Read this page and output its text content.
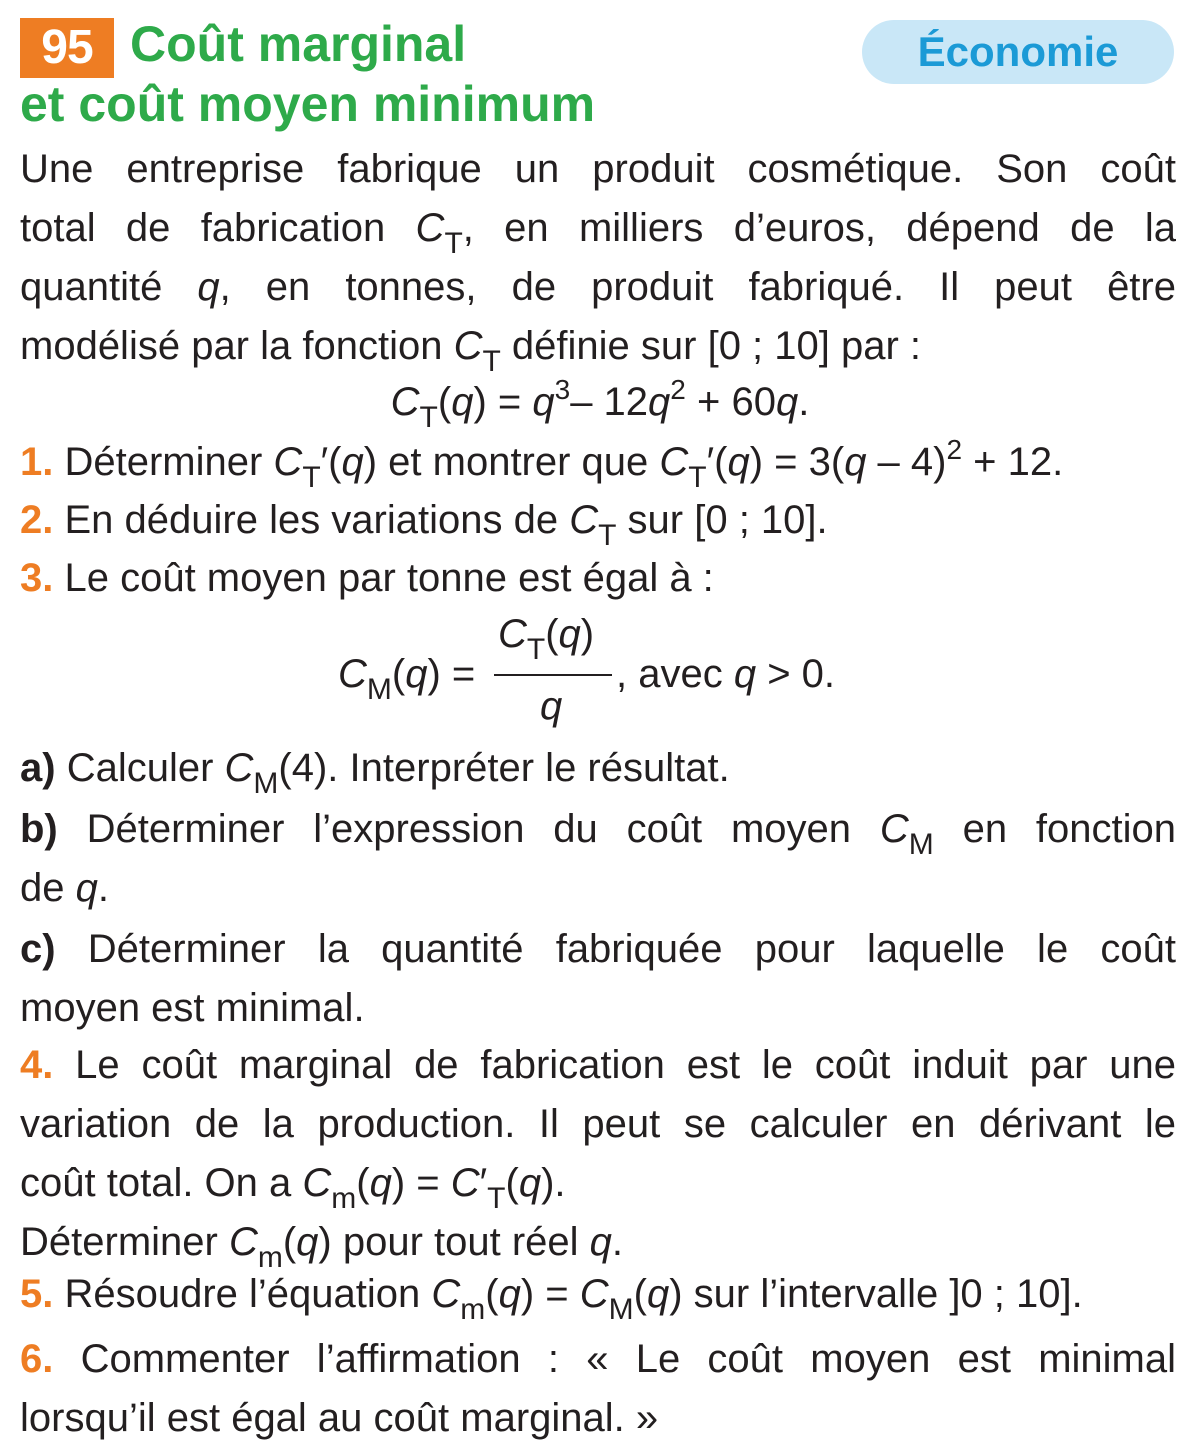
95 Coût marginal
et coût moyen minimum
Économie
Une entreprise fabrique un produit cosmétique. Son coût
total de fabrication $C_T$, en milliers d’euros, dépend de la
quantité q, en tonnes, de produit fabriqué. Il peut être
modélisé par la fonction $C_T$ définie sur [0 ; 10] par :
$C_T(q) = q^3-$ $12q^2 + 60q$.
1. Déterminer $C_T'(q)$ et montrer que $C_T'(q) = 3(q - 4)^2 + 12$.
2. En déduire les variations de $C_T$ sur [0 ; 10].
3. Le coût moyen par tonne est égal à :
$C_M(q)$ =
$C_T(q)$
q
, avec q > 0.
a) Calculer $C_M(4)$. Interpréter le résultat.
b) Déterminer l’expression du coût moyen $C_M$ en fonction
de q.
c) Déterminer la quantité fabriquée pour laquelle le coût
moyen est minimal.
4. Le coût marginal de fabrication est le coût induit par une
variation de la production. Il peut se calculer en dérivant le
coût total. On a $C_m(q) = C'_T(q)$.
Déterminer $C_m(q)$ pour tout réel q.
5. Résoudre l’équation $C_m(q) = C_M(q)$ sur l’intervalle ]0 ; 10].
6. Commenter l’affirmation : « Le coût moyen est minimal
lorsqu’il est égal au coût marginal. »
